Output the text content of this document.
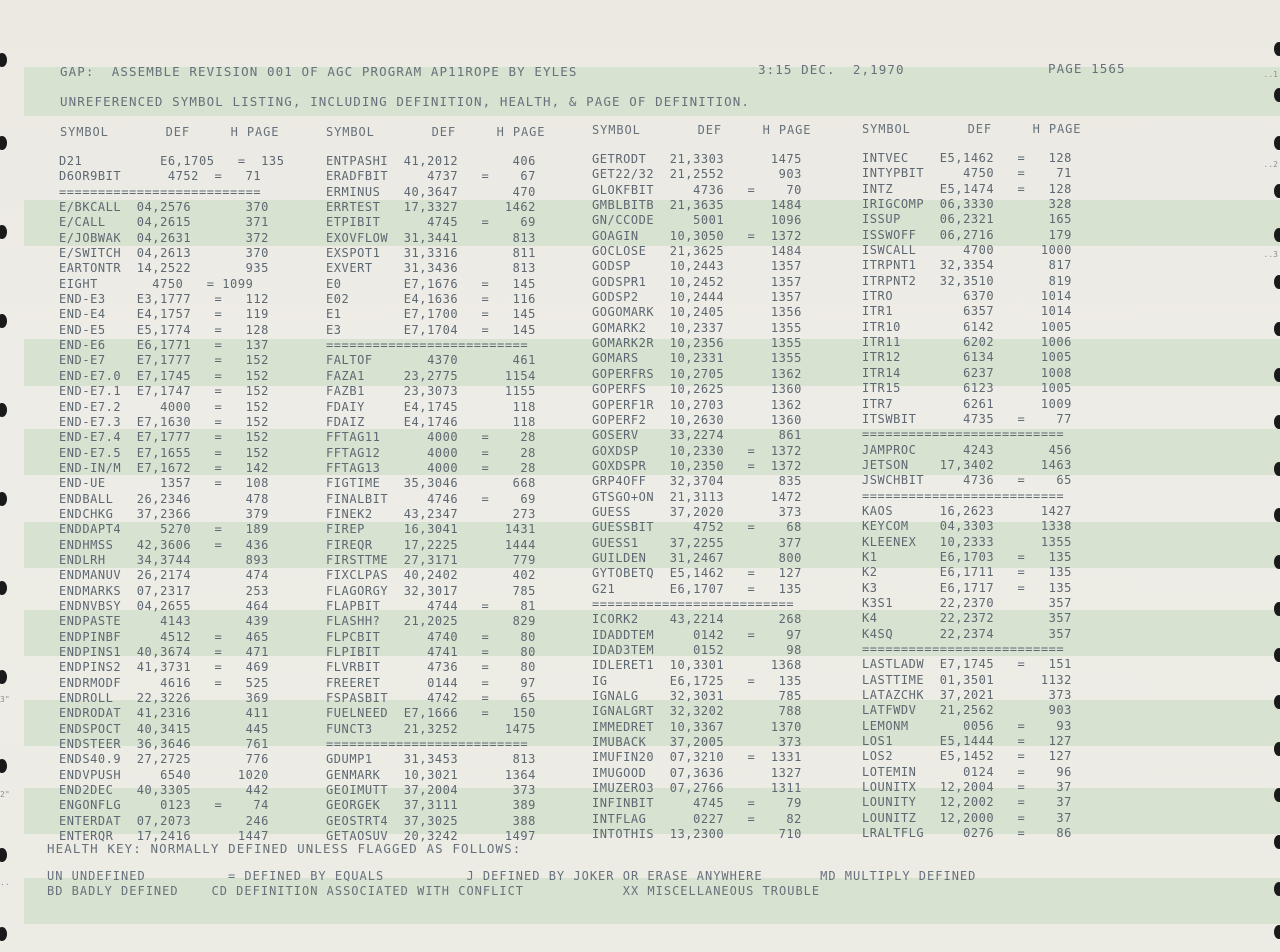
..1
..2
..3
3"
2"
..
GAP:  ASSEMBLE REVISION 001 OF AGC PROGRAM AP11ROPE BY EYLES	3:15 DEC.  2,1970	PAGE 1565
UNREFERENCED SYMBOL LISTING, INCLUDING DEFINITION, HEALTH, & PAGE OF DEFINITION.
SYMBOL       DEF     H PAGE	SYMBOL       DEF     H PAGE	SYMBOL       DEF     H PAGE	SYMBOL       DEF     H PAGE
D21          E6,1705   =  135
D6OR9BIT      4752  =   71
==========================
E/BKCALL  04,2576       370
E/CALL    04,2615       371
E/JOBWAK  04,2631       372
E/SWITCH  04,2613       370
EARTONTR  14,2522       935
EIGHT       4750   = 1099
END-E3    E3,1777   =   112
END-E4    E4,1757   =   119
END-E5    E5,1774   =   128
END-E6    E6,1771   =   137
END-E7    E7,1777   =   152
END-E7.0  E7,1745   =   152
END-E7.1  E7,1747   =   152
END-E7.2     4000   =   152
END-E7.3  E7,1630   =   152
END-E7.4  E7,1777   =   152
END-E7.5  E7,1655   =   152
END-IN/M  E7,1672   =   142
END-UE       1357   =   108
ENDBALL   26,2346       478
ENDCHKG   37,2366       379
ENDDAPT4     5270   =   189
ENDHMSS   42,3606   =   436
ENDLRH    34,3744       893
ENDMANUV  26,2174       474
ENDMARKS  07,2317       253
ENDNVBSY  04,2655       464
ENDPASTE     4143       439
ENDPINBF     4512   =   465
ENDPINS1  40,3674   =   471
ENDPINS2  41,3731   =   469
ENDRMODF     4616   =   525
ENDROLL   22,3226       369
ENDRODAT  41,2316       411
ENDSPOCT  40,3415       445
ENDSTEER  36,3646       761
ENDS40.9  27,2725       776
ENDVPUSH     6540      1020
END2DEC   40,3305       442
ENGONFLG     0123   =    74
ENTERDAT  07,2073       246
ENTERQR   17,2416      1447
ENTPASHI  41,2012       406
ERADFBIT     4737   =    67
ERMINUS   40,3647       470
ERRTEST   17,3327      1462
ETPIBIT      4745   =    69
EXOVFLOW  31,3441       813
EXSPOT1   31,3316       811
EXVERT    31,3436       813
E0        E7,1676   =   145
E02       E4,1636   =   116
E1        E7,1700   =   145
E3        E7,1704   =   145
==========================
FALTOF       4370       461
FAZA1     23,2775      1154
FAZB1     23,3073      1155
FDAIY     E4,1745       118
FDAIZ     E4,1746       118
FFTAG11      4000   =    28
FFTAG12      4000   =    28
FFTAG13      4000   =    28
FIGTIME   35,3046       668
FINALBIT     4746   =    69
FINEK2    43,2347       273
FIREP     16,3041      1431
FIREQR    17,2225      1444
FIRSTTME  27,3171       779
FIXCLPAS  40,2402       402
FLAGORGY  32,3017       785
FLAPBIT      4744   =    81
FLASHH?   21,2025       829
FLPCBIT      4740   =    80
FLPIBIT      4741   =    80
FLVRBIT      4736   =    80
FREERET      0144   =    97
FSPASBIT     4742   =    65
FUELNEED  E7,1666   =   150
FUNCT3    21,3252      1475
==========================
GDUMP1    31,3453       813
GENMARK   10,3021      1364
GEOIMUTT  37,2004       373
GEORGEK   37,3111       389
GEOSTRT4  37,3025       388
GETAOSUV  20,3242      1497
GETRODT   21,3303      1475
GET22/32  21,2552       903
GLOKFBIT     4736   =    70
GMBLBITB  21,3635      1484
GN/CCODE     5001      1096
GOAGIN    10,3050   =  1372
GOCLOSE   21,3625      1484
GODSP     10,2443      1357
GODSPR1   10,2452      1357
GODSP2    10,2444      1357
GOGOMARK  10,2405      1356
GOMARK2   10,2337      1355
GOMARK2R  10,2356      1355
GOMARS    10,2331      1355
GOPERFRS  10,2705      1362
GOPERFS   10,2625      1360
GOPERF1R  10,2703      1362
GOPERF2   10,2630      1360
GOSERV    33,2274       861
GOXDSP    10,2330   =  1372
GOXDSPR   10,2350   =  1372
GRP4OFF   32,3704       835
GTSGO+ON  21,3113      1472
GUESS     37,2020       373
GUESSBIT     4752   =    68
GUESS1    37,2255       377
GUILDEN   31,2467       800
GYTOBETQ  E5,1462   =   127
G21       E6,1707   =   135
==========================
ICORK2    43,2214       268
IDADDTEM     0142   =    97
IDAD3TEM     0152        98
IDLERET1  10,3301      1368
IG        E6,1725   =   135
IGNALG    32,3031       785
IGNALGRT  32,3202       788
IMMEDRET  10,3367      1370
IMUBACK   37,2005       373
IMUFIN20  07,3210   =  1331
IMUGOOD   07,3636      1327
IMUZERO3  07,2766      1311
INFINBIT     4745   =    79
INTFLAG      0227   =    82
INTOTHIS  13,2300       710
INTVEC    E5,1462   =   128
INTYPBIT     4750   =    71
INTZ      E5,1474   =   128
IRIGCOMP  06,3330       328
ISSUP     06,2321       165
ISSWOFF   06,2716       179
ISWCALL      4700      1000
ITRPNT1   32,3354       817
ITRPNT2   32,3510       819
ITRO         6370      1014
ITR1         6357      1014
ITR10        6142      1005
ITR11        6202      1006
ITR12        6134      1005
ITR14        6237      1008
ITR15        6123      1005
ITR7         6261      1009
ITSWBIT      4735   =    77
==========================
JAMPROC      4243       456
JETSON    17,3402      1463
JSWCHBIT     4736   =    65
==========================
KAOS      16,2623      1427
KEYCOM    04,3303      1338
KLEENEX   10,2333      1355
K1        E6,1703   =   135
K2        E6,1711   =   135
K3        E6,1717   =   135
K3S1      22,2370       357
K4        22,2372       357
K4SQ      22,2374       357
==========================
LASTLADW  E7,1745   =   151
LASTTIME  01,3501      1132
LATAZCHK  37,2021       373
LATFWDV   21,2562       903
LEMONM       0056   =    93
LOS1      E5,1444   =   127
LOS2      E5,1452   =   127
LOTEMIN      0124   =    96
LOUNITX   12,2004   =    37
LOUNITY   12,2002   =    37
LOUNITZ   12,2000   =    37
LRALTFLG     0276   =    86
HEALTH KEY: NORMALLY DEFINED UNLESS FLAGGED AS FOLLOWS:
UN UNDEFINED          = DEFINED BY EQUALS          J DEFINED BY JOKER OR ERASE ANYWHERE       MD MULTIPLY DEFINED
BD BADLY DEFINED    CD DEFINITION ASSOCIATED WITH CONFLICT            XX MISCELLANEOUS TROUBLE
